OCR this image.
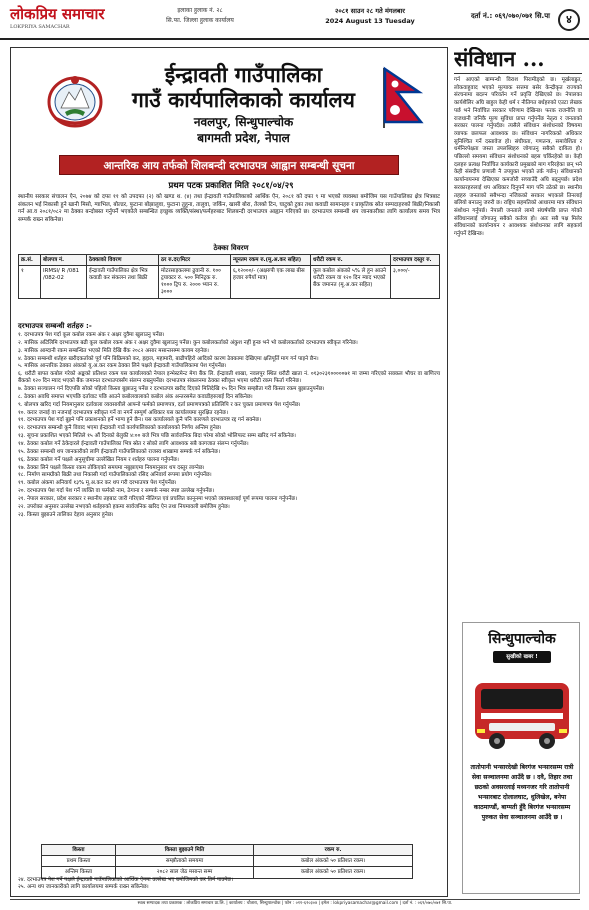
लोकप्रिय समाचार
LOKPRIYA SAMACHAR
इलाका हुलाक नं. २८
सि.फा. जिल्ला हुलाक कार्यालय
२०८१ साउन २८ गते मंगलबार
2024 August 13 Tuesday
दर्ता नं.: ०६९/०७०/०७१ सि.पा	४
ईन्द्रावती गाउँपालिका
गाउँ कार्यपालिकाको कार्यालय
नवलपुर, सिन्धुपाल्चोक
बागमती प्रदेश, नेपाल
आन्तरिक आय तर्फको शिलबन्दी दरभाउपत्र आह्वान सम्बन्धी सूचना
प्रथम पटक प्रकाशित मिति २०८१/०४/२९
स्थानीय सरकार संचालन ऐन, २०७४ को दफा ११ को उपदफा (२) को खण्ड थ. (४) तथा ईन्द्रावती गाउँपालिकाको आर्थिक ऐन, २०८१ को दफा ९ मा भएको व्यवस्था बमोजिम यस गाउँपालिका क्षेत्र भित्रबाट संकलन भई निकासी हुने खानी मिसो, ग्याभिल, बोल्डर, फुटाना बोझालुवा, फुटाना तुहुना, तालुवा, जर्किन, खासी बोरा, तेलको टिन, घाटुको टुका तथा कवाडी सामानहरु र प्राकृतिक स्रोत सम्पदाहरुको बिक्री/निकासी गर्न आ.व २०८१/०८२ मा ठेक्का बन्दोबस्त गर्नुपर्ने भएकोले सम्बन्धित इच्छुक व्यक्ति/संस्था/फर्महरुबाट शिलबन्दी दरभाउपत्र आह्वान गरिएको छ। दरभाउपत्र सम्बन्धी थप जानकारीका लागि कार्यालय समय भित्र सम्पर्क राख्न सकिनेछ।
ठेक्का विवरण
क्र.सं.	बोलपत्र नं.	ठेक्काको विवरण	ठर रु.दर/मिटर	न्यूनतम रकम रु.(मू.अ.कर सहित)	धरौटी रकम रु.	दरभाउपत्र दस्तुर रु.
१	IRMSI/ R /081 /082-02	ईन्द्रावती गाउँपालिका क्षेत्र भित्र कवाडी कर संकलन तथा बिक्री	मोटरसाइकलमा ढुवानी रु. १०० ट्रयाक्टर रु. ५०० मिनिट्रक रु. १००० ट्रिप रु. २००० भ्यान रु. ३०००	६,१२०००/- (अक्षरुपी एक लाख बीस हजार रुपैयाँ मात्र)	कूल कबोल अंकको ५% ले हुन आउने धरौटी रकम वा १२० दिन म्याद भएको बैंक जमानत (मू.अ.कर सहित)	३,०००/-
दरभाउपत्र सम्बन्धी शर्तहरु :-
१. दरभाउपत्र पेश गर्दा कूल कबोल रकम अंक र अक्षर दुवैमा खुलाउनु पर्नेछ।
२. मासिक अटिलिमि दरभाउपत्र बढी कूल कबोल रकम अंक र अक्षर दुवैमा खुलाउनु पर्नेछ। कुन कबोलकर्ताको अंकुश नहीं हुन्छ भने भो कबोलकर्ताको दरभाउपत्र स्वीकृत गरिनेछ।
३. मासिक आम्दानी रकम सम्बन्धित भएको मिति देखि बैंक २०८२ असार मसान्तसम्म कायम रहनेछ।
४. ठेक्का सम्बन्धी शर्तहरु खरीदकर्ताको पूर्व पनि बिक्रिमको कर, हद्दाल, महामारी, बाढीपहिरो आदिको कारण ठेक्कामा देखिएमा क्षतिपूर्ति माग गर्न पाइने छैन।
५. मासिक आन्तरिक ठेक्का अंकको यू.अ.कर रकम ठेक्का लिने पक्षले ईन्द्रावती गाउँपालिकामा पेश गर्नुपर्नेछ।
६. धरौटी बापत कबोल गरेको अङ्कको प्रतिशत रकम यस कार्यालयको नेपाल इन्भेस्टमेन्ट मेगा बैंक लि. ईन्द्रावती शाखा, नवलपुर स्थित धरौटी खाता नं. ०१३०२३१०००००७१ मा जम्मा गरिएको सक्कल भौचर वा बाणिज्य बैंकको १२० दिन म्याद भएको बैंक जमानत दरभाउपत्रसँग संलग्न राख्नुपर्नेछ। दरभाउपत्र संकलनमा ठेक्का स्वीकृत भएमा धरौटी रकम फिर्ता गरिनेछ।
७. ठेक्का सञ्चालन गर्न दिएपछि सोको पहिलो किस्ता बुझाउनु पर्नेछ र दरभाउपत्र खरीद दिएको मितिदेखि १५ दिन भित्र सम्झौता गरी किस्ता रकम बुझाउनुपर्नेछ।
८. ठेक्का अवधि समाप्त भएपछि दर्तावाट पछि आउने कबोलवालाको कबोल अंक अन्तरसमेत कवाडीहरुलाई दिन सकिनेछ।
९. बोलपत्र खरिद गर्दा नियमानुसार दर्तावाला व्यवसायीले आफ्नो फर्मको प्रमाणपत्र, दर्ता प्रमाणपत्रको प्रतिलिपि र कर चुक्ता प्रमाणपत्र पेश गर्नुपर्नेछ।
१०. करार जनाई वा नजनाई दरभाउपत्र स्वीकृत गर्ने वा नगर्ने सम्पूर्ण अधिकार यस कार्यालयमा सुरक्षित रहनेछ।
११. दरभाउपत्र पेश गर्दा बुझ्ने पनि प्रकाशनको हर्ने भाग्य हुने छैन। यस कार्यालयले कुनै पनि कारणले दरभाउपत्र रद्द गर्न सक्नेछ।
१२. दरभाउपत्र सम्बन्धी कुनै विवाद भएमा ईन्द्रावती गाउँ कार्यपालिकाको कार्यालयको निर्णय अन्तिम हुनेछ।
१३. सूचना प्रकाशित भएको मितिले १५ औं दिनको बेलुकी ४:०० बजे भित्र पछि सार्वजनिक बिदा परेमा सोको भोलिपल्ट सम्म खरिद गर्न सकिनेछ।
१४. ठेक्का कबोल गर्ने ठेकेदारले ईन्द्रावती गाउँपालिका भित्र स्रोत र सोको लागि आवश्यक सबै कागजात संलग्न गर्नुपर्नेछ।
१५. ठेक्का सम्बन्धी थप जानकारीको लागि ईन्द्रावती गाउँपालिकाको राजस्व शाखामा सम्पर्क गर्न सकिनेछ।
१६. ठेक्का कबोल गर्ने पक्षले अनुसूचीमा उल्लेखित नियम र शर्तहरु पालना गर्नुपर्नेछ।
१७. ठेक्का लिने पक्षले किस्ता रकम तोकिएको समयमा नबुझाएमा नियमानुसार थप दस्तुर लाग्नेछ।
१८. निर्माण सामग्रीको बिक्री तथा निकासी गर्दा गाउँपालिकाको रसिद अनिवार्य रूपमा प्रयोग गर्नुपर्नेछ।
१९. कबोल अंकमा अनिवार्य १३% मू.अ.कर कर थप गरी दरभाउपत्र पेश गर्नुपर्नेछ।
२०. दरभाउपत्र पेश गर्दा पेश गर्ने व्यक्ति वा फर्मको नाम, ठेगाना र सम्पर्क नम्बर स्पष्ट उल्लेख गर्नुपर्नेछ।
२१. नेपाल सरकार, प्रदेश सरकार र स्थानीय तहबाट जारी गरिएको नीतिगत एवं प्रचलित कानूनमा भएको व्यवस्थालाई पूर्ण रूपमा पालना गर्नुपर्नेछ।
२२. उपरोक्त अनुसार उल्लेख नभएको शर्तहरुको हकमा सार्वजनिक खरिद ऐन तथा नियमावली बमोजिम हुनेछ।
२३. किस्ता बुझाउने तालिका देहाय अनुसार हुनेछ।
किस्ता	किस्ता बुझाउने मिति	रकम रु.
प्रथम किस्ता	सम्झौताको समयमा	कबोल अंकको ५० प्रतिशत रकम।
अन्तिम किस्ता	२०८२ साल जेठ मसान्त सम्म	कबोल अंकको ५० प्रतिशत रकम।
२४. दरभाउपत्र पेश गर्ने पक्षले ईन्द्रावती गाउँपालिकाको आर्थिक ऐनमा उल्लेख भए बमोजिमको कर तिर्न पाउनेछ।
२५. अन्य थप जानकारीको लागि कार्यालयमा सम्पर्क राख्न सकिनेछ।
संविधान ...
गर्न आएको बाम्पन्थी विराश पिरामीड्को छ। मूर्खलाह्रुत, लोकवाहुवाद भएको मूल्याक सत्तमा बसेर केन्द्रीकृत राज्यको संरचनामा बदल्न परिवर्तन गर्ने प्रवृत्ति देखिएको छ। नेपालका कार्यशैलिर अघि बाहुल केही धर्म र नीतिगत बर्धहरुको एउटा लेखक पर्छ भने निर्वाचित सरकार परिणाम देखिन्छ। फरक राजनीति वा राजधानी जनिकै मूल्य सुविधा प्राप्त गर्नुपर्नेछ नेतृत्व र जनताको सरकार पालना गर्नुपर्दछ। त्यसैले संविधान संशोधनको विषयमा व्यापक छलफल आवश्यक छ। संविधान नागरिकको अधिकार सुनिश्चित गर्ने दस्तावेज हो। संघीयता, गणतन्त्र, समावेशिता र धर्मनिरपेक्षता जस्ता उपलब्धिहरु जोगाउनु सबैको दायित्व हो। पछिल्लो समयमा संविधान संशोधनको बहस चर्किरहेको छ। केही दलहरु प्रत्यक्ष निर्वाचित कार्यकारी प्रमुखको माग गरिरहेका छन् भने केही संसदीय प्रणाली नै उपयुक्त भएको तर्क गर्छन्। संविधानको कार्यान्वयनमा देखिएका कमजोरी सच्याउँदै अघि बढ्नुपर्छ। प्रदेश सरकारहरुलाई थप अधिकार दिनुपर्ने माग पनि उठेको छ। स्थानीय तहहरु जनताको सबैभन्दा नजिकको सरकार भएकाले तिनलाई बलियो बनाउनु जरुरी छ। राष्ट्रिय सहमतिको आधारमा मात्र संविधान संशोधन गर्नुपर्छ। नेपाली जनताले लामो संघर्षपछि प्राप्त गरेको संविधानलाई जोगाउनु सबैको कर्तव्य हो। अतः सबै पक्ष मिलेर संविधानको कार्यान्वयन र आवश्यक संशोधनका लागि सहकार्य गर्नुपर्ने देखिन्छ।
सिन्धुपाल्चोक
सुखीको खबर !
तातोपानी भन्सारदेखी बिरगंज भन्सारसम्म रात्री सेवा सञ्चालनमा आउँदै छ । दवै, तिहार तथा छठको अवसरलाई मध्यनजर गरि तातोपानी भन्सारबाट दोलालघाट, धुलिखेल, बनेपा काठमाण्डौं, बाग्मती हुँदै बिरगंज भन्सारसम्म पुरुकत सेवा सञ्चालनमा आउँदै छ ।
स्वत्व सम्पादक तथा प्रकाशक : लोकप्रिय समाचार प्रा.लि. | कार्यालय : चौतारा, सिन्धुपाल्चोक | फोन : ०११-६२०३०४ | इमेल : lokpriyasamachar@gmail.com | दर्ता नं. : ०६९/०७०/०७१ सि.पा.
